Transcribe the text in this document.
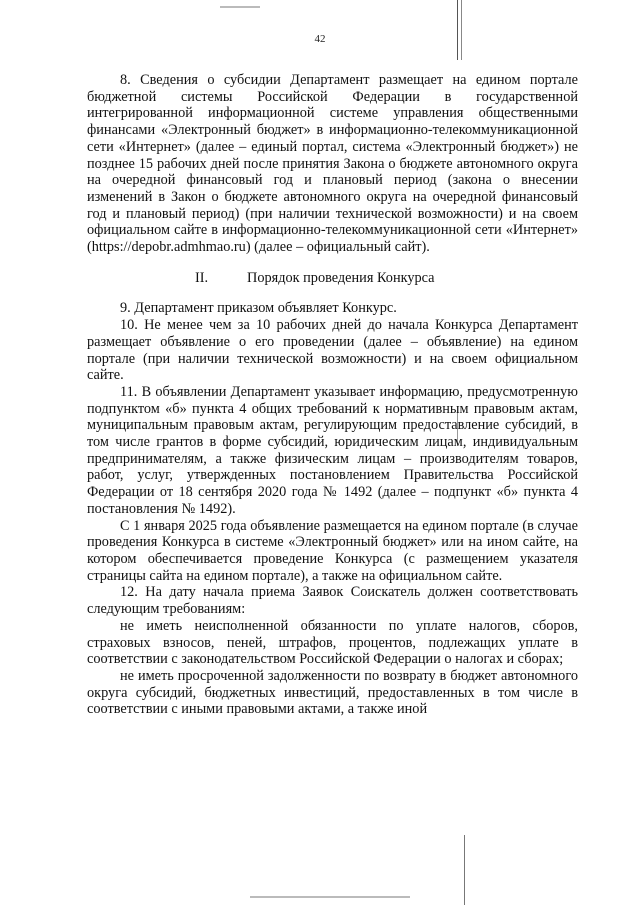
42

8. Сведения о субсидии Департамент размещает на едином портале бюджетной системы Российской Федерации в государственной интегрированной информационной системе управления общественными финансами «Электронный бюджет» в информационно-телекоммуникационной сети «Интернет» (далее – единый портал, система «Электронный бюджет») не позднее 15 рабочих дней после принятия Закона о бюджете автономного округа на очередной финансовый год и плановый период (закона о внесении изменений в Закон о бюджете автономного округа на очередной финансовый год и плановый период) (при наличии технической возможности) и на своем официальном сайте в информационно-телекоммуникационной сети «Интернет» (https://depobr.admhmao.ru) (далее – официальный сайт).

II.	Порядок проведения Конкурса

9. Департамент приказом объявляет Конкурс.

10. Не менее чем за 10 рабочих дней до начала Конкурса Департамент размещает объявление о его проведении (далее – объявление) на едином портале (при наличии технической возможности) и на своем официальном сайте.

11. В объявлении Департамент указывает информацию, предусмотренную подпунктом «б» пункта 4 общих требований к нормативным правовым актам, муниципальным правовым актам, регулирующим предоставление субсидий, в том числе грантов в форме субсидий, юридическим лицам, индивидуальным предпринимателям, а также физическим лицам – производителям товаров, работ, услуг, утвержденных постановлением Правительства Российской Федерации от 18 сентября 2020 года № 1492 (далее – подпункт «б» пункта 4 постановления № 1492).

С 1 января 2025 года объявление размещается на едином портале (в случае проведения Конкурса в системе «Электронный бюджет» или на ином сайте, на котором обеспечивается проведение Конкурса (с размещением указателя страницы сайта на едином портале), а также на официальном сайте.

12. На дату начала приема Заявок Соискатель должен соответствовать следующим требованиям:

не иметь неисполненной обязанности по уплате налогов, сборов, страховых взносов, пеней, штрафов, процентов, подлежащих уплате в соответствии с законодательством Российской Федерации о налогах и сборах;

не иметь просроченной задолженности по возврату в бюджет автономного округа субсидий, бюджетных инвестиций, предоставленных в том числе в соответствии с иными правовыми актами, а также иной
